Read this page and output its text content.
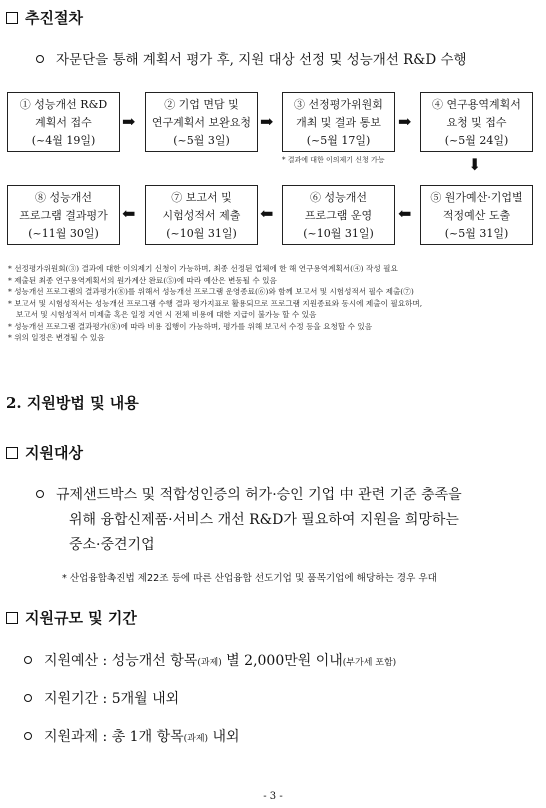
추진절차
자문단을 통해 계획서 평가 후, 지원 대상 선정 및 성능개선 R&D 수행
① 성능개선 R&D
계획서 접수
(~4월 19일)
➡
② 기업 면담 및
연구계획서 보완요청
(~5월 3일)
➡
③ 선정평가위원회
개최 및 결과 통보
(~5월 17일)
➡
④ 연구용역계획서
요청 및 접수
(~5월 24일)
* 결과에 대한 이의제기 신청 가능	⬇
⑧ 성능개선
프로그램 결과평가
(~11월 30일)
⬅
⑦ 보고서 및
시험성적서 제출
(~10월 31일)
⬅
⑥ 성능개선
프로그램 운영
(~10월 31일)
⬅
⑤ 원가예산·기업별
적정예산 도출
(~5월 31일)
* 선정평가위원회(③) 결과에 대한 이의제기 신청이 가능하며, 최종 선정된 업체에 한 해 연구용역계획서(④) 작성 필요
* 제출된 최종 연구용역계획서의 원가계산 완료(⑤)에 따라 예산은 변동될 수 있음
* 성능개선 프로그램의 결과평가(⑧)를 위해서 성능개선 프로그램 운영종료(⑥)와 함께 보고서 및 시험성적서 필수 제출(⑦)
* 보고서 및 시험성적서는 성능개선 프로그램 수행 결과 평가지표로 활용되므로 프로그램 지원종료와 동시에 제출이 필요하며,
보고서 및 시험성적서 미제출 혹은 일정 지연 시 전체 비용에 대한 지급이 불가능 할 수 있음
* 성능개선 프로그램 결과평가(⑧)에 따라 비용 집행이 가능하며, 평가를 위해 보고서 수정 등을 요청할 수 있음
* 위의 일정은 변경될 수 있음
2. 지원방법 및 내용
지원대상
규제샌드박스 및 적합성인증의 허가·승인 기업 中 관련 기준 충족을
위해 융합신제품·서비스 개선 R&D가 필요하여 지원을 희망하는
중소·중견기업
* 산업융합촉진법 제22조 등에 따른 산업융합 선도기업 및 품목기업에 해당하는 경우 우대
지원규모 및 기간
지원예산 : 성능개선 항목(과제) 별 2,000만원 이내(부가세 포함)
지원기간 : 5개월 내외
지원과제 : 총 1개 항목(과제) 내외
- 3 -
